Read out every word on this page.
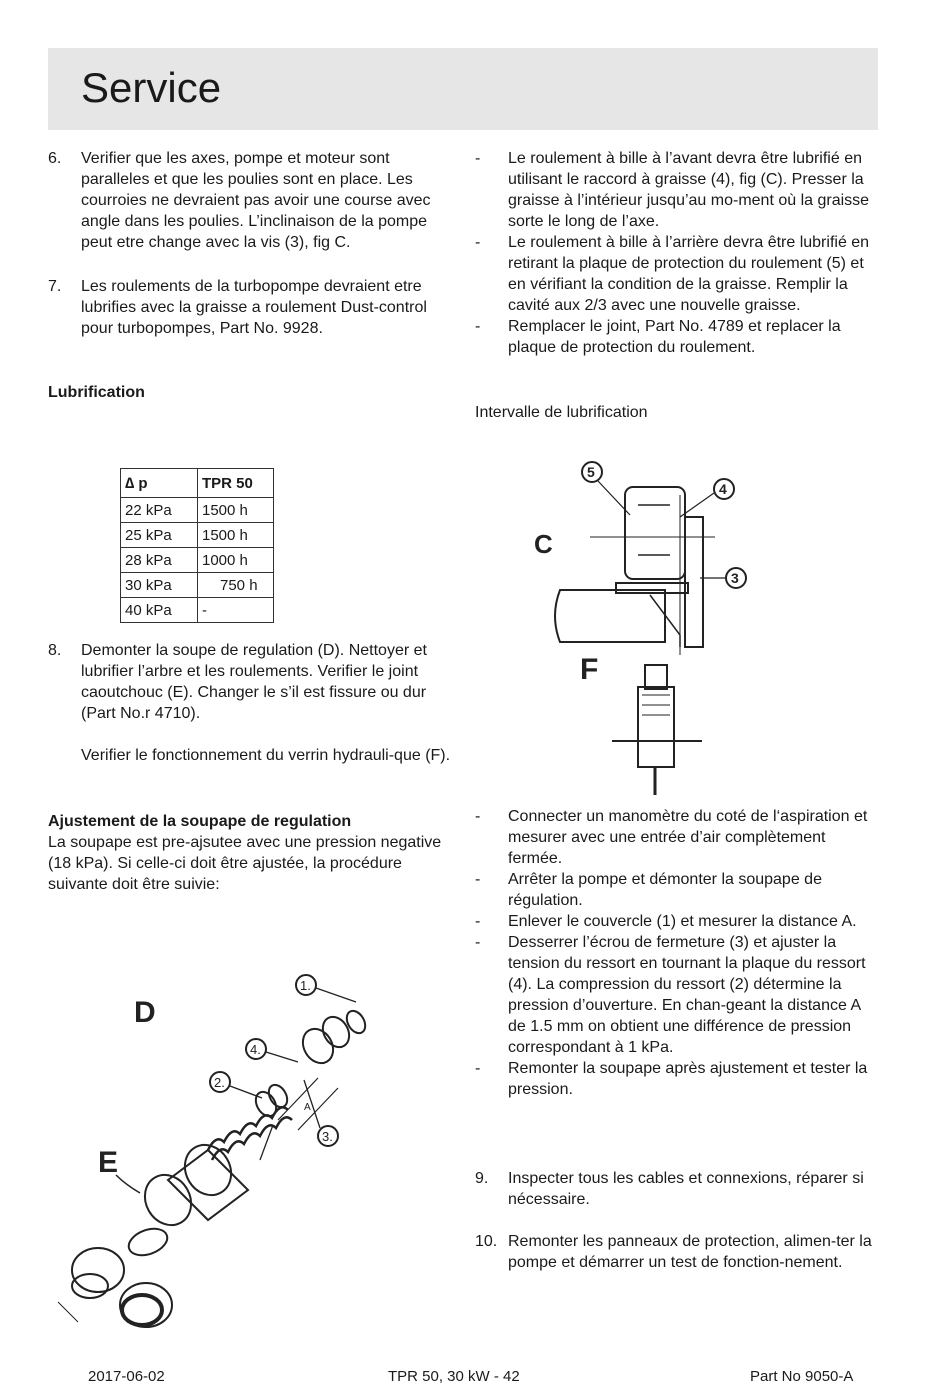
Service
6.	Verifier que les axes, pompe et moteur sont paralleles et que les poulies sont en place. Les courroies ne devraient pas avoir une course avec angle dans les poulies. L’inclinaison de la pompe peut etre change avec la vis (3), fig C.
7.	Les roulements de la turbopompe devraient etre lubrifies avec la graisse a roulement Dust-control pour turbopompes, Part No. 9928.
Lubrification
∆ p	TPR 50
22 kPa	1500 h
25 kPa	1500 h
28 kPa	1000 h
30 kPa	750 h
40 kPa	-
8.	Demonter la soupe de regulation (D). Nettoyer et lubrifier l’arbre et les roulements. Verifier le joint caoutchouc (E). Changer le s’il est fissure ou dur (Part No.r 4710).
Verifier le fonctionnement du verrin hydrauli-que (F).
Ajustement de la soupape de regulation
La soupape est pre-ajsutee avec une pression negative (18 kPa). Si celle-ci doit être ajustée, la procédure suivante doit être suivie:
D
E
1.
4.
2.
3.
A
-	Le roulement à bille à l’avant devra être lubrifié en utilisant le raccord à graisse (4), fig (C). Presser la graisse à l’intérieur jusqu’au mo-ment où la graisse sorte le long de l’axe.
-	Le roulement à bille à l’arrière devra être lubrifié en retirant la plaque de protection du roulement (5) et en vérifiant la condition de la graisse. Remplir la cavité aux 2/3 avec une nouvelle graisse.
-	Remplacer le joint, Part No. 4789 et replacer la plaque de protection du roulement.
Intervalle de lubrification
C
F
5
4
3
-	Connecter un manomètre du coté de l‘aspiration et mesurer avec une entrée d’air complètement fermée.
-	Arrêter la pompe et démonter la soupape de régulation.
-	Enlever le couvercle (1) et mesurer la distance A.
-	Desserrer l’écrou de fermeture (3) et ajuster la tension du ressort en tournant la plaque du ressort (4). La compression du ressort (2) détermine la pression d’ouverture. En chan-geant la distance A de 1.5 mm on obtient une différence de pression correspondant à 1 kPa.
-	Remonter la soupape après ajustement et tester la pression.
9.	Inspecter tous les cables et connexions, réparer si nécessaire.
10. Remonter les panneaux de protection, alimen-ter la pompe et démarrer un test de fonction-nement.
2017-06-02	TPR 50, 30 kW - 42	Part No 9050-A
